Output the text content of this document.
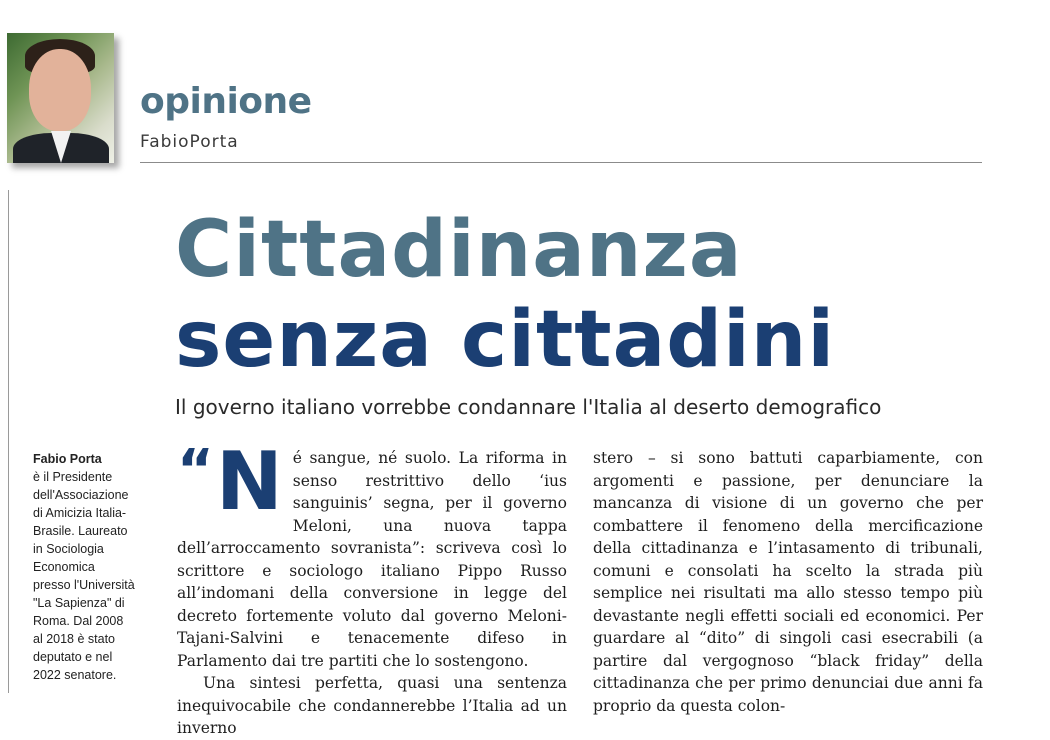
opinione
FabioPorta
Cittadinanza
senza cittadini
Il governo italiano vorrebbe condannare l'Italia al deserto demografico
Fabio Porta
è il Presidente dell'Associazione di Amicizia Italia-Brasile. Laureato in Sociologia Economica presso l'Università "La Sapienza" di Roma. Dal 2008 al 2018 è stato deputato e nel 2022 senatore.

“ N é sangue, né suolo. La riforma in senso restrittivo dello ‘ius sanguinis’ segna, per il governo Meloni, una nuova tappa dell’arroccamento sovranista”: scriveva così lo scrittore e sociologo italiano Pippo Russo all’indomani della conversione in legge del decreto fortemente voluto dal governo Meloni-Tajani-Salvini e tenacemente difeso in Parlamento dai tre partiti che lo sostengono.

Una sintesi perfetta, quasi una sentenza inequivocabile che condannerebbe l’Italia ad un inverno

stero – si sono battuti caparbiamente, con argomenti e passione, per denunciare la mancanza di visione di un governo che per combattere il fenomeno della mercificazione della cittadinanza e l’intasamento di tribunali, comuni e consolati ha scelto la strada più semplice nei risultati ma allo stesso tempo più devastante negli effetti sociali ed economici. Per guardare al “dito” di singoli casi esecrabili (a partire dal vergognoso “black friday” della cittadinanza che per primo denunciai due anni fa proprio da questa colon-
